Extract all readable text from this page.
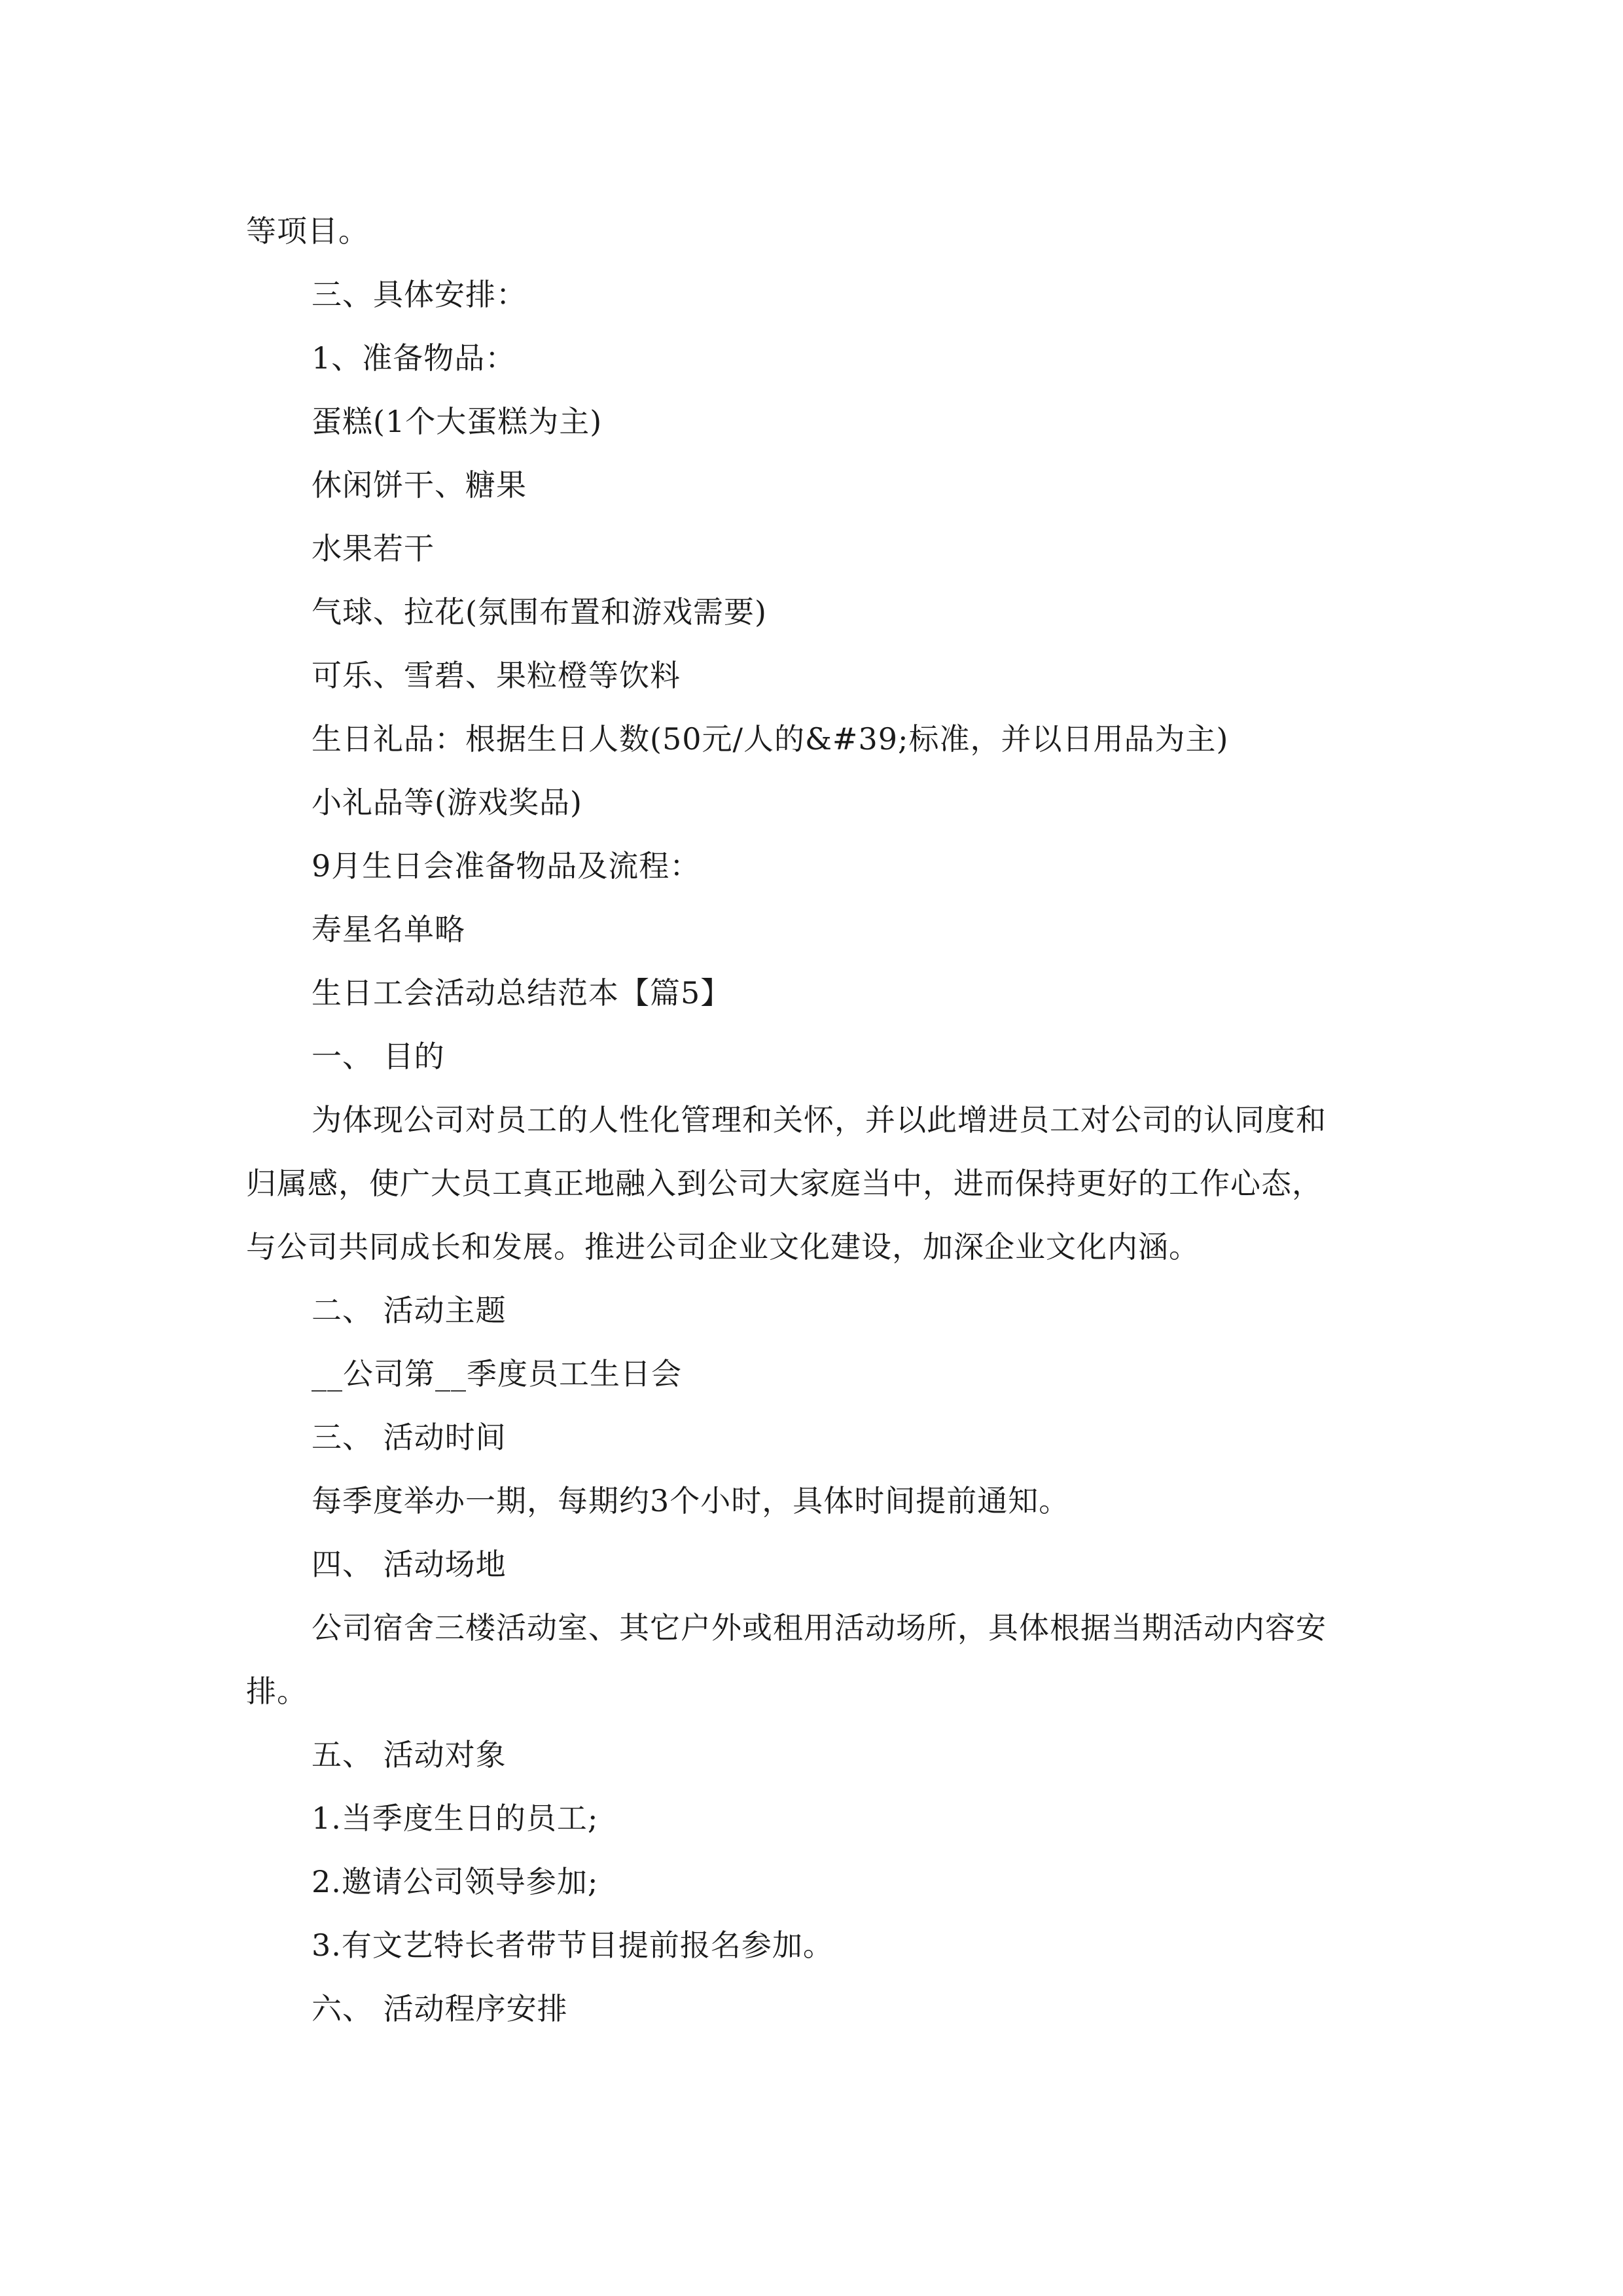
等项目。
三、具体安排：
1、准备物品：
蛋糕(1个大蛋糕为主)
休闲饼干、糖果
水果若干
气球、拉花(氛围布置和游戏需要)
可乐、雪碧、果粒橙等饮料
生日礼品：根据生日人数(50元/人的&#39;标准，并以日用品为主)
小礼品等(游戏奖品)
9月生日会准备物品及流程：
寿星名单略
生日工会活动总结范本【篇5】
一、 目的
为体现公司对员工的人性化管理和关怀，并以此增进员工对公司的认同度和
归属感，使广大员工真正地融入到公司大家庭当中，进而保持更好的工作心态，
与公司共同成长和发展。推进公司企业文化建设，加深企业文化内涵。
二、 活动主题
__公司第__季度员工生日会
三、 活动时间
每季度举办一期，每期约3个小时，具体时间提前通知。
四、 活动场地
公司宿舍三楼活动室、其它户外或租用活动场所，具体根据当期活动内容安
排。
五、 活动对象
1.当季度生日的员工;
2.邀请公司领导参加;
3.有文艺特长者带节目提前报名参加。
六、 活动程序安排
